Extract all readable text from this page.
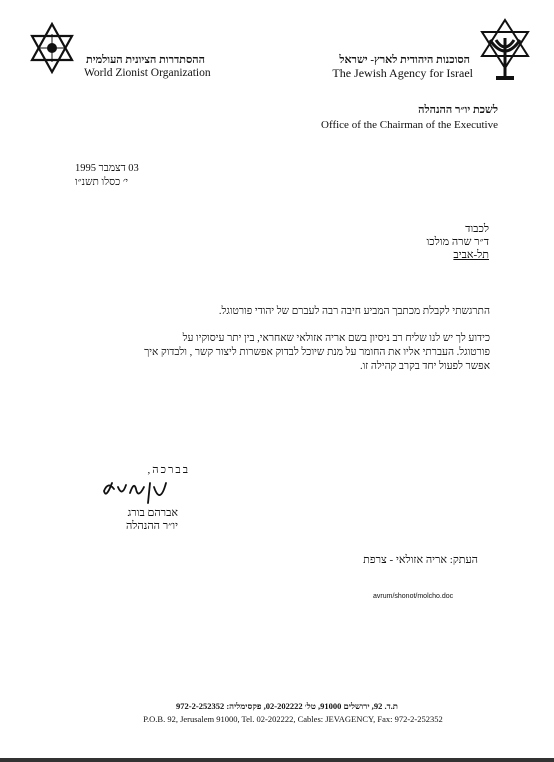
ההסתדרות הציונית העולמית
World Zionist Organization
הסוכנות היהודית לארץ- ישראל
The Jewish Agency for Israel
לשכת יו״ר ההנהלה
Office of the Chairman of the Executive
03 דצמבר 1995
י׳ כסלו תשנ״ו
לכבוד
ד״ר שרה מולכו
תל-אביב
התרגשתי לקבלת מכתבך המביע חיבה רבה לעברם של יהודי פורטוגל.
כידוע לך יש לנו שליח רב ניסיון בשם אריה אזולאי שאחראי, בין יתר עיסוקיו על
פורטוגל. העברתי אליו את החומר על מנת שיוכל לבדוק אפשרות ליצור קשר , ולבדוק איך
אפשר לפעול יחד בקרב קהילה זו.
בברכה,
אברהם בורג
יו״ר ההנהלה
העתק: אריה אזולאי - צרפת
avrum/shonot/molcho.doc
ת.ד. 92, ירושלים 91000, טל׳ 02-202222, פקסימליה: 972-2-252352
P.O.B. 92, Jerusalem 91000, Tel. 02-202222, Cables: JEVAGENCY, Fax: 972-2-252352
